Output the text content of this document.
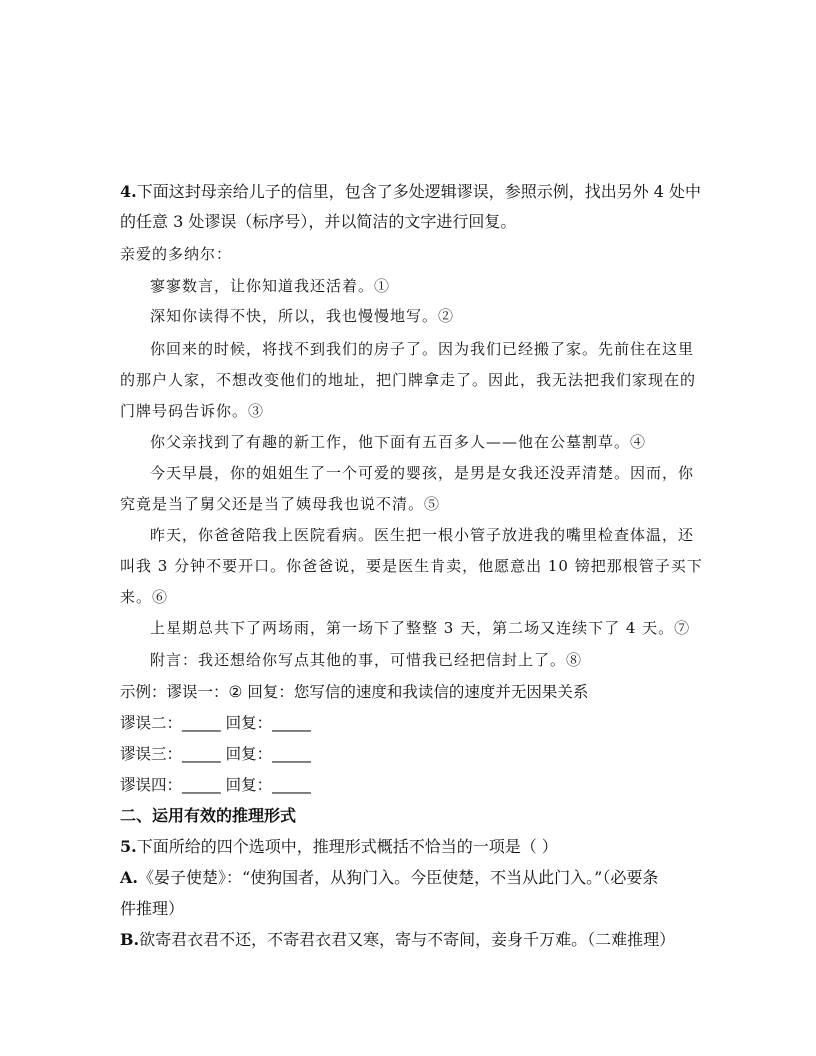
4.下面这封母亲给儿子的信里，包含了多处逻辑谬误，参照示例，找出另外 4 处中
的任意 3 处谬误（标序号），并以简洁的文字进行回复。
亲爱的多纳尔：
寥寥数言，让你知道我还活着。①
深知你读得不快，所以，我也慢慢地写。②
你回来的时候，将找不到我们的房子了。因为我们已经搬了家。先前住在这里
的那户人家，不想改变他们的地址，把门牌拿走了。因此，我无法把我们家现在的
门牌号码告诉你。③
你父亲找到了有趣的新工作，他下面有五百多人——他在公墓割草。④
今天早晨，你的姐姐生了一个可爱的婴孩，是男是女我还没弄清楚。因而，你
究竟是当了舅父还是当了姨母我也说不清。⑤
昨天，你爸爸陪我上医院看病。医生把一根小管子放进我的嘴里检查体温，还
叫我 3 分钟不要开口。你爸爸说，要是医生肯卖，他愿意出 10 镑把那根管子买下
来。⑥
上星期总共下了两场雨，第一场下了整整 3 天，第二场又连续下了 4 天。⑦
附言：我还想给你写点其他的事，可惜我已经把信封上了。⑧
示例：谬误一：② 回复：您写信的速度和我读信的速度并无因果关系
谬误二：_____ 回复：_____
谬误三：_____ 回复：_____
谬误四：_____ 回复：_____
二、运用有效的推理形式
5.下面所给的四个选项中，推理形式概括不恰当的一项是（ ）
A.《晏子使楚》：“使狗国者，从狗门入。今臣使楚，不当从此门入。”（必要条
件推理）
B.欲寄君衣君不还，不寄君衣君又寒，寄与不寄间，妾身千万难。（二难推理）
